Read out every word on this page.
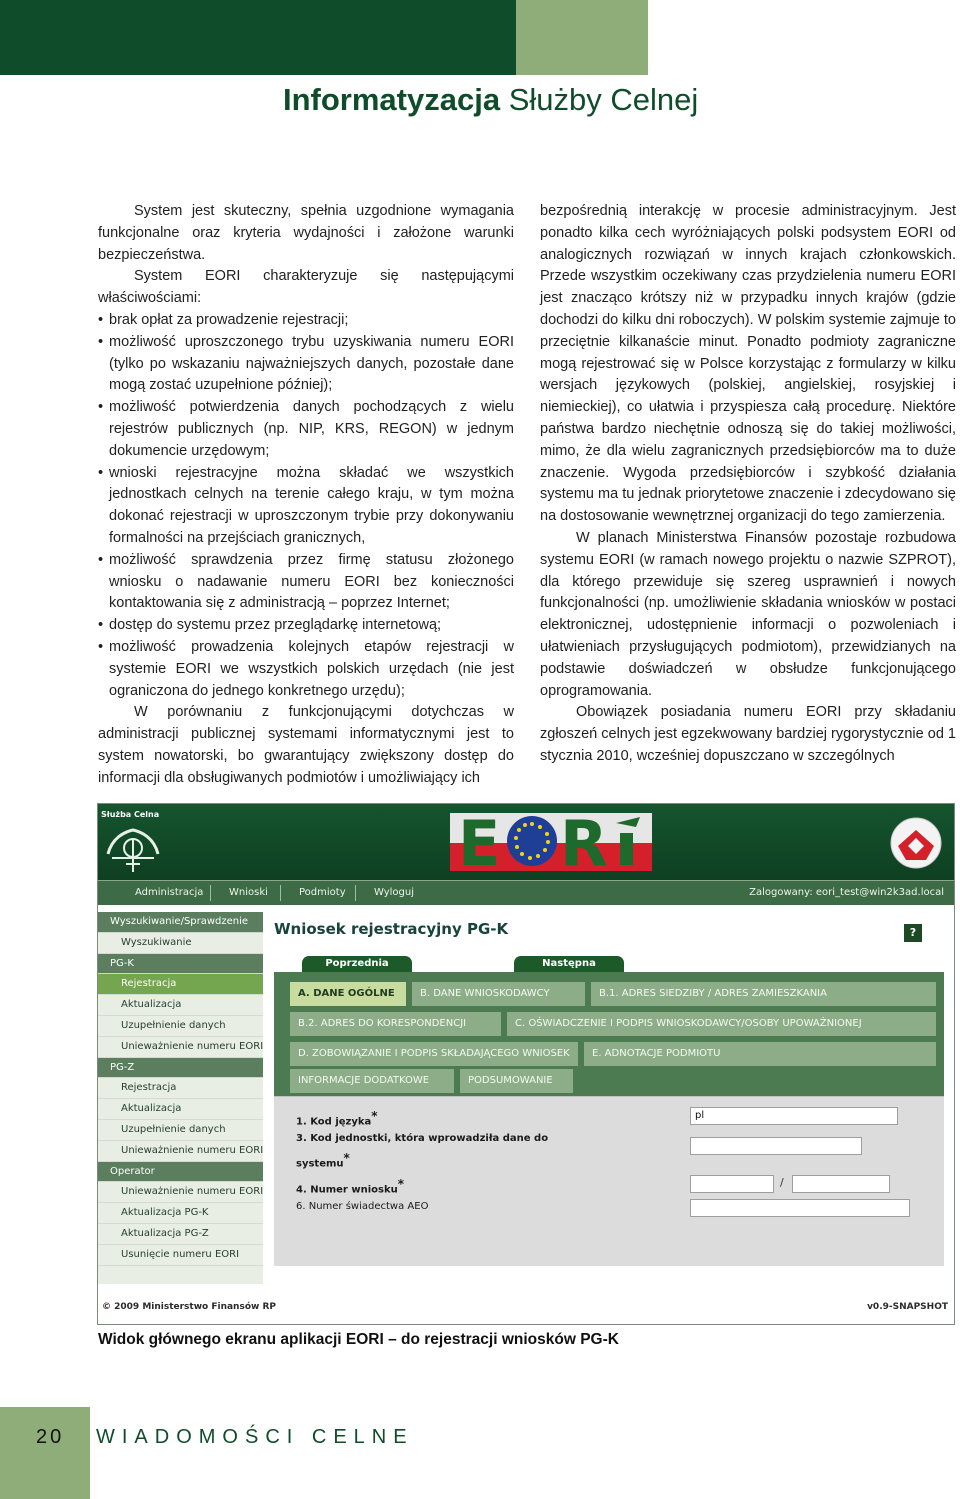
Informatyzacja Służby Celnej

System jest skuteczny, spełnia uzgodnione wymagania funkcjonalne oraz kryteria wydajności i założone warunki bezpieczeństwa.

System EORI charakteryzuje się następującymi właściwościami:

• brak opłat za prowadzenie rejestracji;
• możliwość uproszczonego trybu uzyskiwania numeru EORI (tylko po wskazaniu najważniejszych danych, pozostałe dane mogą zostać uzupełnione później);
• możliwość potwierdzenia danych pochodzących z wielu rejestrów publicznych (np. NIP, KRS, REGON) w jednym dokumencie urzędowym;
• wnioski rejestracyjne można składać we wszystkich jednostkach celnych na terenie całego kraju, w tym można dokonać rejestracji w uproszczonym trybie przy dokonywaniu formalności na przejściach granicznych,
• możliwość sprawdzenia przez firmę statusu złożonego wniosku o nadawanie numeru EORI bez konieczności kontaktowania się z administracją – poprzez Internet;
• dostęp do systemu przez przeglądarkę internetową;
• możliwość prowadzenia kolejnych etapów rejestracji w systemie EORI we wszystkich polskich urzędach (nie jest ograniczona do jednego konkretnego urzędu);

W porównaniu z funkcjonującymi dotychczas w administracji publicznej systemami informatycznymi jest to system nowatorski, bo gwarantujący zwiększony dostęp do informacji dla obsługiwanych podmiotów i umożliwiający ich

bezpośrednią interakcję w procesie administracyjnym. Jest ponadto kilka cech wyróżniających polski podsystem EORI od analogicznych rozwiązań w innych krajach członkowskich. Przede wszystkim oczekiwany czas przydzielenia numeru EORI jest znacząco krótszy niż w przypadku innych krajów (gdzie dochodzi do kilku dni roboczych). W polskim systemie zajmuje to przeciętnie kilkanaście minut. Ponadto podmioty zagraniczne mogą rejestrować się w Polsce korzystając z formularzy w kilku wersjach językowych (polskiej, angielskiej, rosyjskiej i niemieckiej), co ułatwia i przyspiesza całą procedurę. Niektóre państwa bardzo niechętnie odnoszą się do takiej możliwości, mimo, że dla wielu zagranicznych przedsiębiorców ma to duże znaczenie. Wygoda przedsiębiorców i szybkość działania systemu ma tu jednak priorytetowe znaczenie i zdecydowano się na dostosowanie wewnętrznej organizacji do tego zamierzenia.

W planach Ministerstwa Finansów pozostaje rozbudowa systemu EORI (w ramach nowego projektu o nazwie SZPROT), dla którego przewiduje się szereg usprawnień i nowych funkcjonalności (np. umożliwienie składania wniosków w postaci elektronicznej, udostępnienie informacji o pozwoleniach i ułatwieniach przysługujących podmiotom), przewidzianych na podstawie doświadczeń w obsłudze funkcjonującego oprogramowania.

Obowiązek posiadania numeru EORI przy składaniu zgłoszeń celnych jest egzekwowany bardziej rygorystycznie od 1 stycznia 2010, wcześniej dopuszczano w szczególnych

Służba Celna	E R
Administracja	Wnioski	Podmioty	Wyloguj	Zalogowany: eori_test@win2k3ad.local
Wyszukiwanie/Sprawdzenie
Wyszukiwanie
PG-K
Rejestracja
Aktualizacja
Uzupełnienie danych
Unieważnienie numeru EORI
PG-Z
Rejestracja
Aktualizacja
Uzupełnienie danych
Unieważnienie numeru EORI
Operator
Unieważnienie numeru EORI
Aktualizacja PG-K
Aktualizacja PG-Z
Usunięcie numeru EORI
Wniosek rejestracyjny PG-K	?
Poprzednia	Następna
A. DANE OGÓLNE	B. DANE WNIOSKODAWCY	B.1. ADRES SIEDZIBY / ADRES ZAMIESZKANIA
B.2. ADRES DO KORESPONDENCJI	C. OŚWIADCZENIE I PODPIS WNIOSKODAWCY/OSOBY UPOWAŻNIONEJ
D. ZOBOWIĄZANIE I PODPIS SKŁADAJĄCEGO WNIOSEK	E. ADNOTACJE PODMIOTU
INFORMACJE DODATKOWE	PODSUMOWANIE
1. Kod języka*	pl
3. Kod jednostki, która wprowadziła dane do
systemu*
4. Numer wniosku*	/
6. Numer świadectwa AEO
© 2009 Ministerstwo Finansów RP	v0.9-SNAPSHOT
Widok głównego ekranu aplikacji EORI – do rejestracji wniosków PG-K
20 WIADOMOŚCI CELNE
